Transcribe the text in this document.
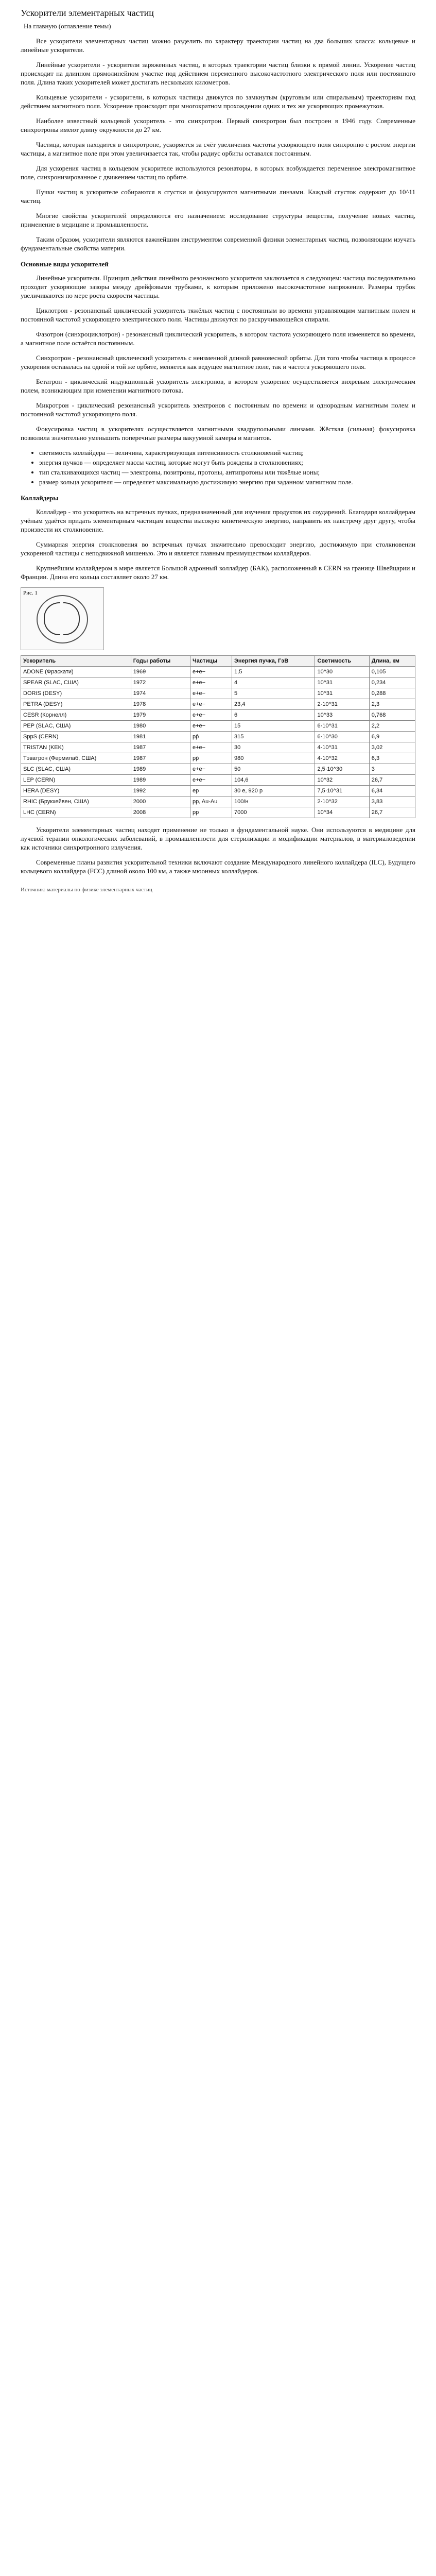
Ускорители элементарных частиц
На главную (оглавление темы)

Все ускорители элементарных частиц можно разделить по характеру траектории частиц на два больших класса: кольцевые и линейные ускорители.

Линейные ускорители - ускорители заряженных частиц, в которых траектории частиц близки к прямой линии. Ускорение частиц происходит на длинном прямолинейном участке под действием переменного высокочастотного электрического поля или постоянного поля. Длина таких ускорителей может достигать нескольких километров.

Кольцевые ускорители - ускорители, в которых частицы движутся по замкнутым (круговым или спиральным) траекториям под действием магнитного поля. Ускорение происходит при многократном прохождении одних и тех же ускоряющих промежутков.

Наиболее известный кольцевой ускоритель - это синхротрон. Первый синхротрон был построен в 1946 году. Современные синхротроны имеют длину окружности до 27 км.

Частица, которая находится в синхротроне, ускоряется за счёт увеличения частоты ускоряющего поля синхронно с ростом энергии частицы, а магнитное поле при этом увеличивается так, чтобы радиус орбиты оставался постоянным.

Для ускорения частиц в кольцевом ускорителе используются резонаторы, в которых возбуждается переменное электромагнитное поле, синхронизированное с движением частиц по орбите.

Пучки частиц в ускорителе собираются в сгустки и фокусируются магнитными линзами. Каждый сгусток содержит до 10^11 частиц.

Многие свойства ускорителей определяются его назначением: исследование структуры вещества, получение новых частиц, применение в медицине и промышленности.

Таким образом, ускорители являются важнейшим инструментом современной физики элементарных частиц, позволяющим изучать фундаментальные свойства материи.

Основные виды ускорителей

Линейные ускорители. Принцип действия линейного резонансного ускорителя заключается в следующем: частица последовательно проходит ускоряющие зазоры между дрейфовыми трубками, к которым приложено высокочастотное напряжение. Размеры трубок увеличиваются по мере роста скорости частицы.

Циклотрон - резонансный циклический ускоритель тяжёлых частиц с постоянным во времени управляющим магнитным полем и постоянной частотой ускоряющего электрического поля. Частицы движутся по раскручивающейся спирали.

Фазотрон (синхроциклотрон) - резонансный циклический ускоритель, в котором частота ускоряющего поля изменяется во времени, а магнитное поле остаётся постоянным.

Синхротрон - резонансный циклический ускоритель с неизменной длиной равновесной орбиты. Для того чтобы частица в процессе ускорения оставалась на одной и той же орбите, меняется как ведущее магнитное поле, так и частота ускоряющего поля.

Бетатрон - циклический индукционный ускоритель электронов, в котором ускорение осуществляется вихревым электрическим полем, возникающим при изменении магнитного потока.

Микротрон - циклический резонансный ускоритель электронов с постоянным по времени и однородным магнитным полем и постоянной частотой ускоряющего поля.

Фокусировка частиц в ускорителях осуществляется магнитными квадрупольными линзами. Жёсткая (сильная) фокусировка позволила значительно уменьшить поперечные размеры вакуумной камеры и магнитов.

• светимость коллайдера — величина, характеризующая интенсивность столкновений частиц;
• энергия пучков — определяет массы частиц, которые могут быть рождены в столкновениях;
• тип сталкивающихся частиц — электроны, позитроны, протоны, антипротоны или тяжёлые ионы;
• размер кольца ускорителя — определяет максимальную достижимую энергию при заданном магнитном поле.
Коллайдеры

Коллайдер - это ускоритель на встречных пучках, предназначенный для изучения продуктов их соударений. Благодаря коллайдерам учёным удаётся придать элементарным частицам вещества высокую кинетическую энергию, направить их навстречу друг другу, чтобы произвести их столкновение.

Суммарная энергия столкновения во встречных пучках значительно превосходит энергию, достижимую при столкновении ускоренной частицы с неподвижной мишенью. Это и является главным преимуществом коллайдеров.

Крупнейшим коллайдером в мире является Большой адронный коллайдер (БАК), расположенный в CERN на границе Швейцарии и Франции. Длина его кольца составляет около 27 км.

Рис. 1
Ускоритель	Годы работы	Частицы	Энергия пучка, ГэВ	Светимость	Длина, км
ADONE (Фраскати)	1969	e+e−	1,5	10^30	0,105
SPEAR (SLAC, США)	1972	e+e−	4	10^31	0,234
DORIS (DESY)	1974	e+e−	5	10^31	0,288
PETRA (DESY)	1978	e+e−	23,4	2·10^31	2,3
CESR (Корнелл)	1979	e+e−	6	10^33	0,768
PEP (SLAC, США)	1980	e+e−	15	6·10^31	2,2
SppS (CERN)	1981	pp̄	315	6·10^30	6,9
TRISTAN (KEK)	1987	e+e−	30	4·10^31	3,02
Тэватрон (Фермилаб, США)	1987	pp̄	980	4·10^32	6,3
SLC (SLAC, США)	1989	e+e−	50	2,5·10^30	3
LEP (CERN)	1989	e+e−	104,6	10^32	26,7
HERA (DESY)	1992	ep	30 e, 920 p	7,5·10^31	6,34
RHIC (Брукхейвен, США)	2000	pp, Au-Au	100/н	2·10^32	3,83
LHC (CERN)	2008	pp	7000	10^34	26,7

Ускорители элементарных частиц находят применение не только в фундаментальной науке. Они используются в медицине для лучевой терапии онкологических заболеваний, в промышленности для стерилизации и модификации материалов, в материаловедении как источники синхротронного излучения.

Современные планы развития ускорительной техники включают создание Международного линейного коллайдера (ILC), Будущего кольцевого коллайдера (FCC) длиной около 100 км, а также мюонных коллайдеров.

Источник: материалы по физике элементарных частиц
